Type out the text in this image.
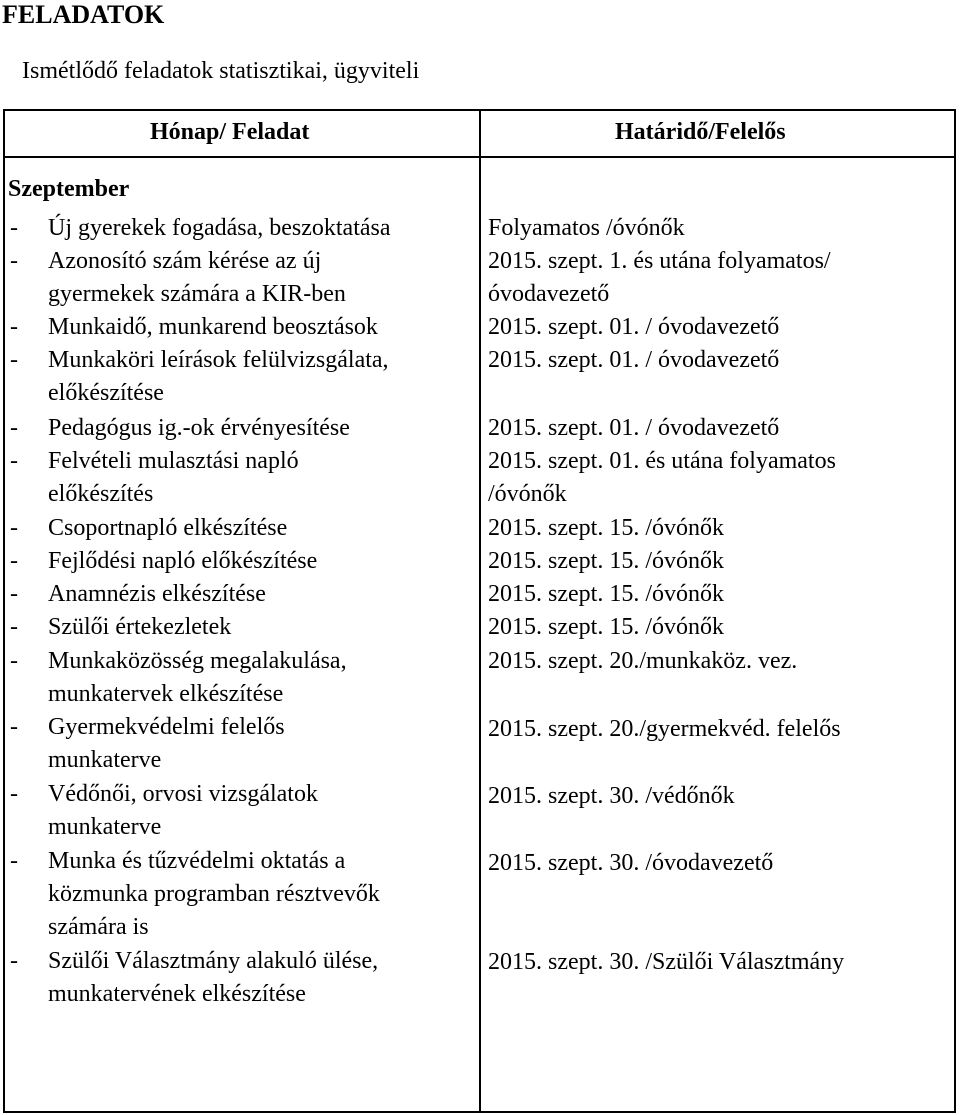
FELADATOK
Ismétlődő feladatok statisztikai, ügyviteli
Hónap/ Feladat	Határidő/Felelős
Szeptember
- Új gyerekek fogadása, beszoktatása
- Azonosító szám kérése az új
gyermekek számára a KIR-ben
- Munkaidő, munkarend beosztások
- Munkaköri leírások felülvizsgálata,
előkészítése
- Pedagógus ig.-ok érvényesítése
- Felvételi mulasztási napló
előkészítés
- Csoportnapló elkészítése
- Fejlődési napló előkészítése
- Anamnézis elkészítése
- Szülői értekezletek
- Munkaközösség megalakulása,
munkatervek elkészítése
- Gyermekvédelmi felelős
munkaterve
- Védőnői, orvosi vizsgálatok
munkaterve
- Munka és tűzvédelmi oktatás a
közmunka programban résztvevők
számára is
- Szülői Választmány alakuló ülése,
munkatervének elkészítése
Folyamatos /óvónők
2015. szept. 1. és utána folyamatos/
óvodavezető
2015. szept. 01. / óvodavezető
2015. szept. 01. / óvodavezető
2015. szept. 01. / óvodavezető
2015. szept. 01. és utána folyamatos
/óvónők
2015. szept. 15. /óvónők
2015. szept. 15. /óvónők
2015. szept. 15. /óvónők
2015. szept. 15. /óvónők
2015. szept. 20./munkaköz. vez.
2015. szept. 20./gyermekvéd. felelős
2015. szept. 30. /védőnők
2015. szept. 30. /óvodavezető
2015. szept. 30. /Szülői Választmány
